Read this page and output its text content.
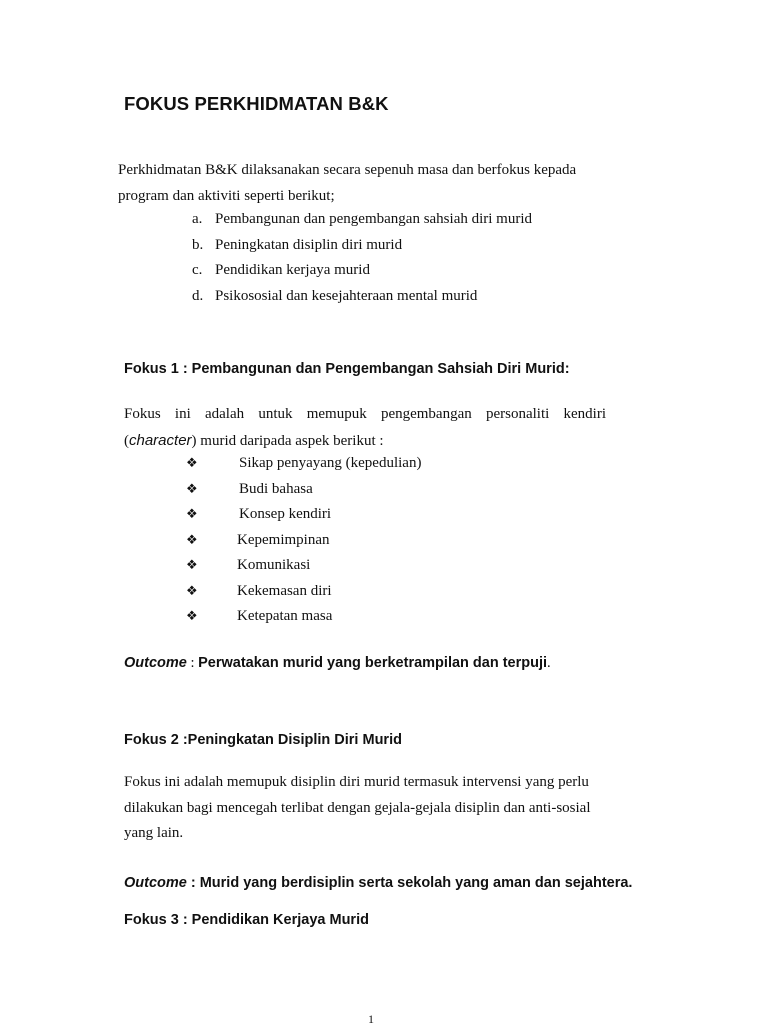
FOKUS PERKHIDMATAN B&K
Perkhidmatan B&K dilaksanakan secara sepenuh masa dan berfokus kepada program dan aktiviti seperti berikut;
a. Pembangunan dan pengembangan sahsiah diri murid
b. Peningkatan disiplin diri murid
c. Pendidikan kerjaya murid
d. Psikososial dan kesejahteraan mental murid
Fokus 1 : Pembangunan dan Pengembangan Sahsiah Diri Murid:
Fokus ini adalah untuk memupuk pengembangan personaliti kendiri (character) murid daripada aspek berikut :
❖	Sikap penyayang (kepedulian)
❖	Budi bahasa
❖	Konsep kendiri
❖	Kepemimpinan
❖	Komunikasi
❖	Kekemasan diri
❖	Ketepatan masa
Outcome : Perwatakan murid yang berketrampilan dan terpuji.
Fokus 2 :Peningkatan Disiplin Diri Murid
Fokus ini adalah memupuk disiplin diri murid termasuk intervensi yang perlu dilakukan bagi mencegah terlibat dengan gejala-gejala disiplin dan anti-sosial yang lain.
Outcome : Murid yang berdisiplin serta sekolah yang aman dan sejahtera.
Fokus 3 : Pendidikan Kerjaya Murid
1
